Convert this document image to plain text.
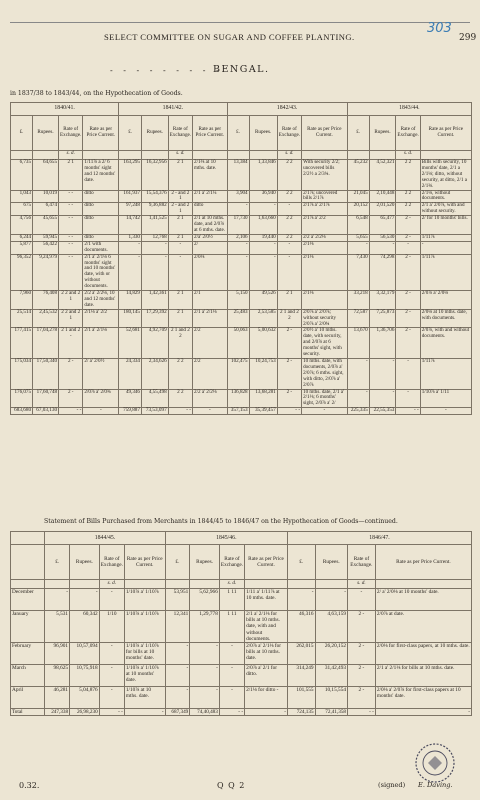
SELECT COMMITTEE ON SUGAR AND COFFEE PLANTING.
303
299
- - - - - - - - -
BENGAL.
in 1837/38 to 1843/44, on the Hypothecation of Goods.
1840/41.				1841/42.				1842/43.				1843/44.			
£.	Rupees.	Rate of Exchange.	Rate as per Price Current.	£.	Rupees.	Rate of Exchange.	Rate as per Price Current.	£.	Rupees.	Rate of Exchange.	Rate as per Price Current.	£.	Rupees.	Rate of Exchange.	Rate as per Price Current.
		s. d.				s. d.				s. d.				s. d.	
6,735	64,655	2 1	1/11⅞ a 2/ 6 months' sight and 12 months' date.	163,295	16,32,956	2 1	2/1⅜ at 10 mths. date.	13,384	1,33,846	2 2	With security 2/2; uncovered bills 2/2½ a 2/3¾.	45,232	4,52,321	2 2	Bills with security, 10 months' date, 2/1 a 2/1⅛; ditto, without security, at ditto, 2/1 a 2/1⅜.
1,043	10,019	- -	ditto	161,937	15,54,376	2 - and 2 1	2/1 a' 2/1¼	3,904	36,940	2 2	2/1⅞; uncovered bills 2/1⅞	21,045	2,10,448	2 2	2/1⅛, without documents.
675	6,474	- -	ditto	97,248	9,36,882	2 - and 2 1	ditto	-	-	-	2/1⅞ a' 2/1⅞	20,152	2,01,520	2 2	2/1 a' 2/0⅞, with and without security.
4,756	45,655	- -	ditto	14,742	1,41,525	2 1	2/1 at 10 mths. date, and 2/0⅞ at 6 mths. date.	17,730	1,63,660	2 2	2/1⅞ a' 2/2	6,548	65,477	2 -	2/ for 10 months' bills.
6,244	59,945	- -	ditto	1,330	12,768	2 1	2/a' 2/0½	2,106	19,440	2 2	2/2 a' 2/2⅛	5,655	56,530	2 -	1/11⅞
5,877	56,422	- -	2/1 with documents.	-	-	-	2/	-	-	-	2/1⅛	-	-	-	-
96,352	9,24,979	- -	2/1 a' 2/1⅛ 6 months' sight and 10 months' date, with or without documents.	-	-	-	2/0⅛	-	-	-	2/1⅛	7,430	74,298	2 -	1/11⅞
7,960	76,408	2 2 and 2 1	2/2 a' 2/2⅛, 10 and 12 months' date.	14,829	1,42,361	2 1	2/1	5,150	49,526	2 1	2/1⅛	33,218	3,32,179	2 -	2/0⅞ a' 2/0⅛
25,514	2,45,532	2 2 and 2 1	2/1⅛ a' 2/2	180,145	17,29,392	2 1	2/1 a' 2/1⅛	25,483	2,53,585	2 1 and 2 2	2/0⅞ a' 2/0⅞; without security 2/0⅞ a' 2/0¾	72,587	7,25,873	2 -	2/0⅛ at 10 mths. date, with documents.
177,415	17,04,278	2 1 and 2 -	2/1 a' 2/1⅛	52,681	4,92,709	2 1 and 2 2	2/2	50,063	5,00,632	2 -	2/0½ a' 10 mths. date, with security, and 2/0⅞ at 6 months' sight, with security.	13,670	1,36,706	2 -	2/0⅞, with and without documents.
175,034	17,50,340	2 -	2/ a' 2/0½	24,334	2,34,626	2 2	2/2	102,475	10,24,753	2 -	10 mths. date, with documents, 2/0⅞ a' 2/0⅞; 6 mths. sight, with ditto, 2/0⅞ a' 2/0⅞	-	-	-	1/11⅞
176,075	17,60,748	2 -	2/0⅞ a' 2/0¾	49,346	4,55,498	2 2	2/2 a' 2/2⅛	136,828	13,68,281	2 -	10 mths. date, 2/1 a' 2/1⅛; 6 months' sight, 2/0⅞ a' 2/	-	-	-	1/10⅞ a' 1/11
683,680	67,03,130	- -	-	759,887	73,53,097	- -	-	357,153	35,39,457	- -	-	225,335	22,55,353	- -	-
Statement of Bills Purchased from Merchants in 1844/45 to 1846/47 on the Hypothecation of Goods—continued.
	1844/45.				1845/46.				1846/47.			
	£.	Rupees.	Rate of Exchange.	Rate as per Price Current.	£.	Rupees.	Rate of Exchange.	Rate as per Price Current.	£.	Rupees.	Rate of Exchange.	Rate as per Price Current.
			s. d.				s. d.				s. d.	
December	-	-	-	1/10⅞ a' 1/10⅞	53,951	5,62,966	1 11	1/11 a' 1/11⅞ at 10 mths. date.	-	-	-	2/ a' 2/0⅛ at 10 months' date.
January	5,531	60,342	1/10	1/10⅞ a' 1/10⅞	12,341	1,29,778	1 11	2/1 a' 2/1⅛ for bills at 10 mths. date, with and without documents.	46,316	4,63,159	2 -	2/0⅞ at date.
February	96,901	10,57,094	-	1/10⅞ a' 1/10⅞ for bills at 10 months' date.	-	-	-	2/0⅞ a' 2/1⅛ for bills at 10 mths. date.	262,015	26,20,152	2 -	2/0⅛ for first-class papers, at 10 mths. date.
March	98,625	10,75,918	-	1/10⅞ a' 1/10⅞ at 10 months' date.	-	-	-	2/0⅞ a' 2/1 for ditto.	314,249	31,42,493	2 -	2/1 a' 2/1⅛ for bills at 10 mths. date.
April	46,281	5,04,876	-	1/10⅞ at 10 mths. date.	-	-	-	2/1⅛ for ditto -	101,555	10,15,554	2 -	2/0⅛ a' 2/0⅞ for first-class papers at 10 months' date.
Total	247,338	26,98,230	- -	-	687,349	74,40,483	- -	-	724,135	72,41,358	- -	-
0.32.	Q Q 2	(signed) E. Daving.
